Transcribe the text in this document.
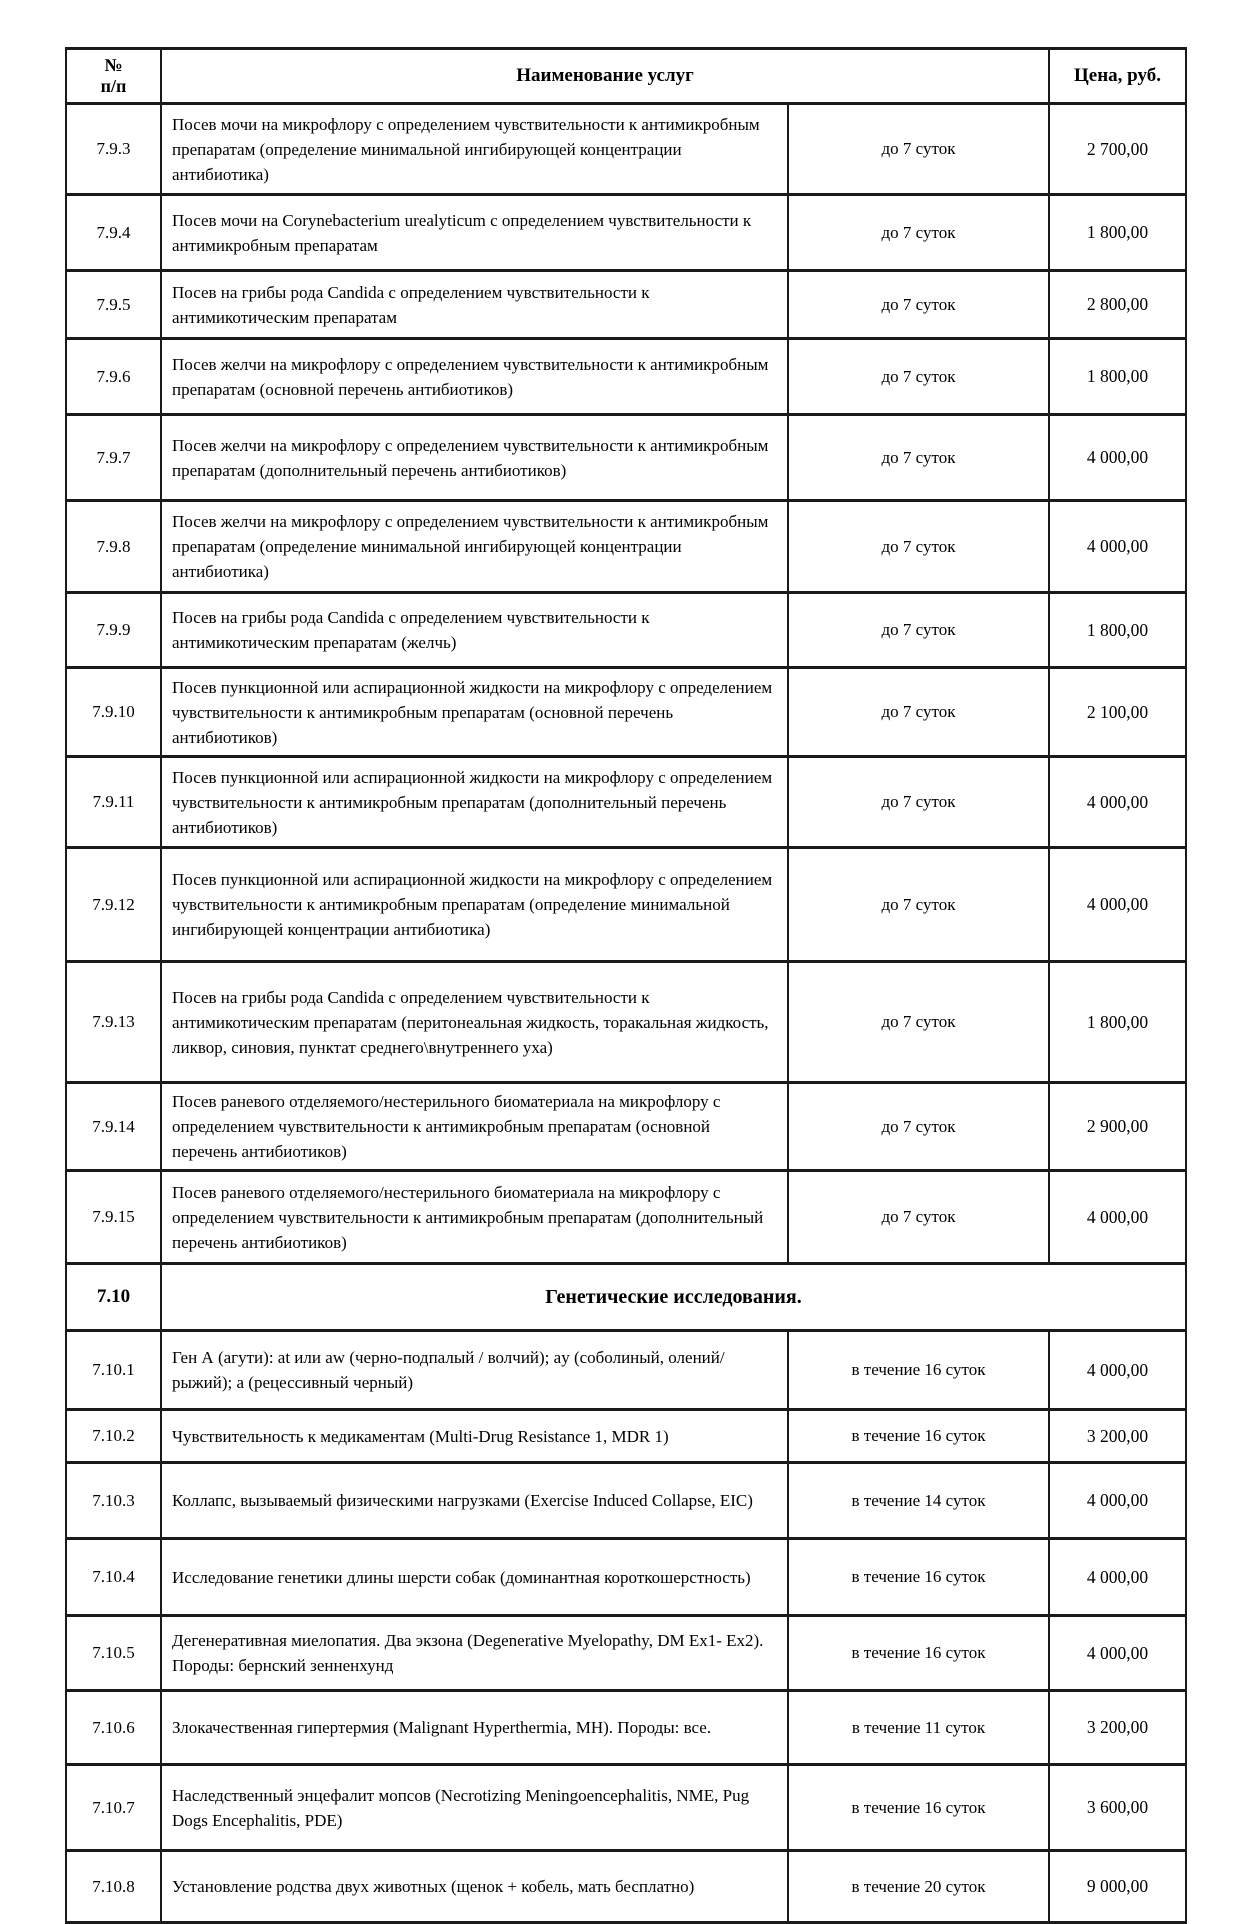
№
п/п	Наименование услуг		Цена, руб.
7.9.3	Посев мочи на микрофлору с определением чувствительности к антимикробным препаратам (определение минимальной ингибирующей концентрации антибиотика)	до 7 суток	2 700,00
7.9.4	Посев мочи на Corynebacterium urealyticum с определением чувствительности к антимикробным препаратам	до 7 суток	1 800,00
7.9.5	Посев на грибы рода Candida с определением чувствительности к антимикотическим препаратам	до 7 суток	2 800,00
7.9.6	Посев желчи на микрофлору с определением чувствительности к антимикробным препаратам (основной перечень антибиотиков)	до 7 суток	1 800,00
7.9.7	Посев желчи на микрофлору с определением чувствительности к антимикробным препаратам (дополнительный перечень антибиотиков)	до 7 суток	4 000,00
7.9.8	Посев желчи на микрофлору с определением чувствительности к антимикробным препаратам (определение минимальной ингибирующей концентрации антибиотика)	до 7 суток	4 000,00
7.9.9	Посев на грибы рода Candida с определением чувствительности к антимикотическим препаратам (желчь)	до 7 суток	1 800,00
7.9.10	Посев пункционной или аспирационной жидкости на микрофлору с определением чувствительности к антимикробным препаратам (основной перечень антибиотиков)	до 7 суток	2 100,00
7.9.11	Посев пункционной или аспирационной жидкости на микрофлору с определением чувствительности к антимикробным препаратам (дополнительный перечень антибиотиков)	до 7 суток	4 000,00
7.9.12	Посев пункционной или аспирационной жидкости на микрофлору с определением чувствительности к антимикробным препаратам (определение минимальной ингибирующей концентрации антибиотика)	до 7 суток	4 000,00
7.9.13	Посев на грибы рода Candida с определением чувствительности к антимикотическим препаратам (перитонеальная жидкость, торакальная жидкость, ликвор, синовия, пунктат среднего\внутреннего уха)	до 7 суток	1 800,00
7.9.14	Посев раневого отделяемого/нестерильного биоматериала на микрофлору с определением чувствительности к антимикробным препаратам (основной перечень антибиотиков)	до 7 суток	2 900,00
7.9.15	Посев раневого отделяемого/нестерильного биоматериала на микрофлору с определением чувствительности к антимикробным препаратам (дополнительный перечень антибиотиков)	до 7 суток	4 000,00
7.10	Генетические исследования.		
7.10.1	Ген А (агути): at или aw (черно-подпалый / волчий); ay (соболиный, олений/рыжий); a (рецессивный черный)	в течение 16 суток	4 000,00
7.10.2	Чувствительность к медикаментам (Multi-Drug Resistance 1, MDR 1)	в течение 16 суток	3 200,00
7.10.3	Коллапс, вызываемый физическими нагрузками (Exercise Induced Collapse, EIC)	в течение 14 суток	4 000,00
7.10.4	Исследование генетики длины шерсти собак (доминантная короткошерстность)	в течение 16 суток	4 000,00
7.10.5	Дегенеративная миелопатия. Два экзона (Degenerative Myelopathy, DM Ex1- Ex2). Породы: бернский зенненхунд	в течение 16 суток	4 000,00
7.10.6	Злокачественная гипертермия (Malignant Hyperthermia, MH). Породы: все.	в течение 11 суток	3 200,00
7.10.7	Наследственный энцефалит мопсов (Necrotizing Meningoencephalitis, NME, Pug Dogs Encephalitis, PDE)	в течение 16 суток	3 600,00
7.10.8	Установление родства двух животных (щенок + кобель, мать бесплатно)	в течение 20 суток	9 000,00
